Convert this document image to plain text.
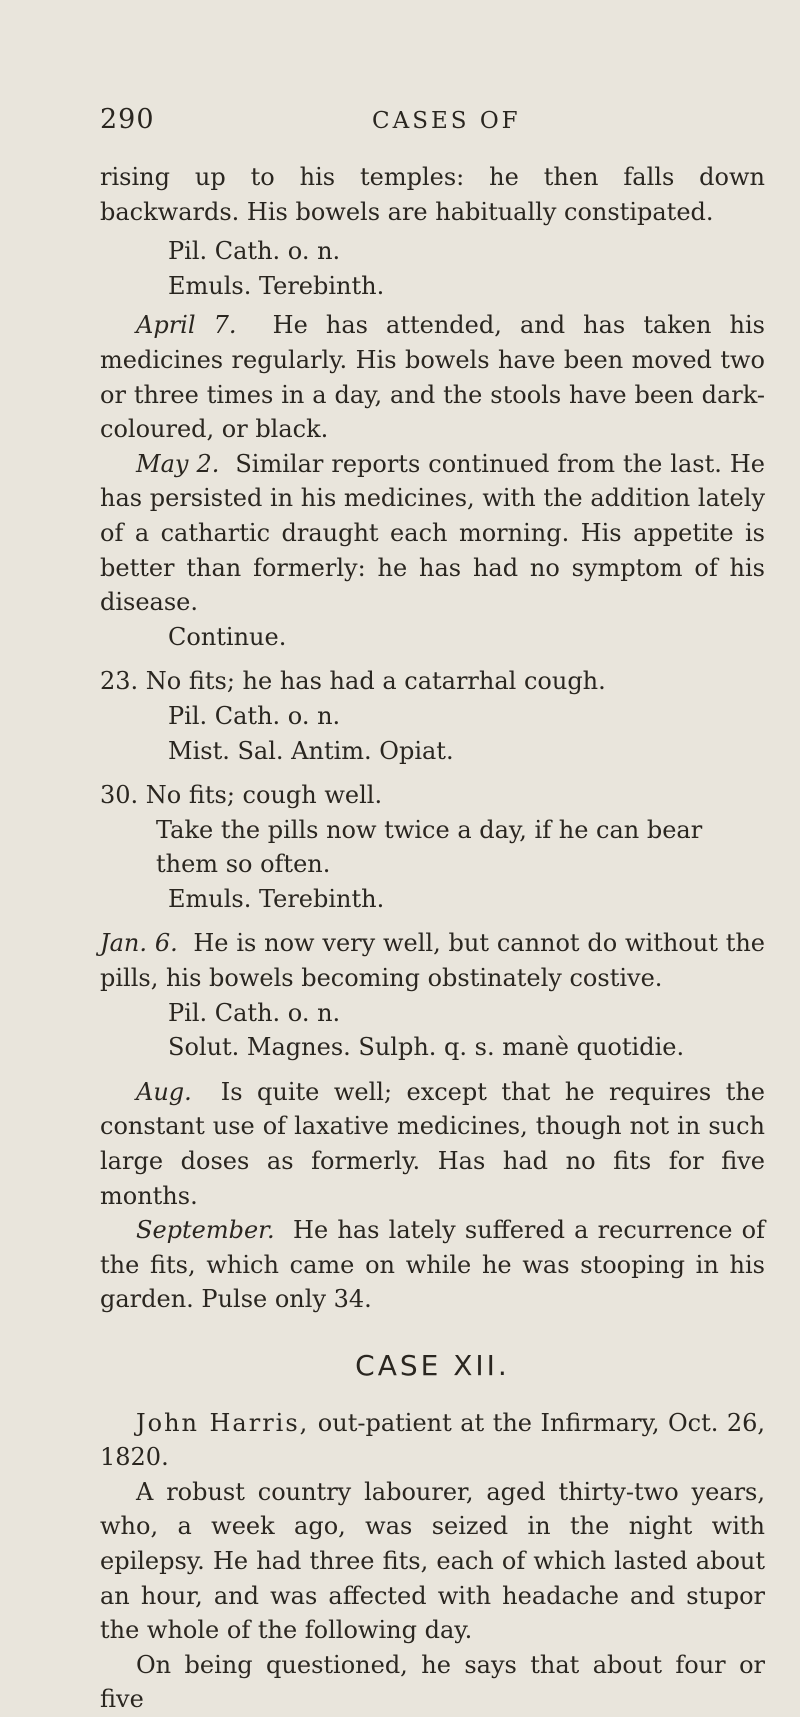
290	CASES OF

rising up to his temples: he then falls down backwards. His bowels are habitually constipated.

Pil. Cath. o. n.

Emuls. Terebinth.

April 7. He has attended, and has taken his medicines regularly. His bowels have been moved two or three times in a day, and the stools have been dark-coloured, or black.

May 2. Similar reports continued from the last. He has persisted in his medicines, with the addition lately of a cathartic draught each morning. His appetite is better than formerly: he has had no symptom of his disease.

Continue.

23. No fits; he has had a catarrhal cough.

Pil. Cath. o. n.

Mist. Sal. Antim. Opiat.

30. No fits; cough well.

Take the pills now twice a day, if he can bear them so often.

Emuls. Terebinth.

Jan. 6. He is now very well, but cannot do without the pills, his bowels becoming obstinately costive.

Pil. Cath. o. n.

Solut. Magnes. Sulph. q. s. manè quotidie.

Aug. Is quite well; except that he requires the constant use of laxative medicines, though not in such large doses as formerly. Has had no fits for five months.

September. He has lately suffered a recurrence of the fits, which came on while he was stooping in his garden. Pulse only 34.

CASE XII.

John Harris, out-patient at the Infirmary, Oct. 26, 1820.

A robust country labourer, aged thirty-two years, who, a week ago, was seized in the night with epilepsy. He had three fits, each of which lasted about an hour, and was affected with headache and stupor the whole of the following day.

On being questioned, he says that about four or five
